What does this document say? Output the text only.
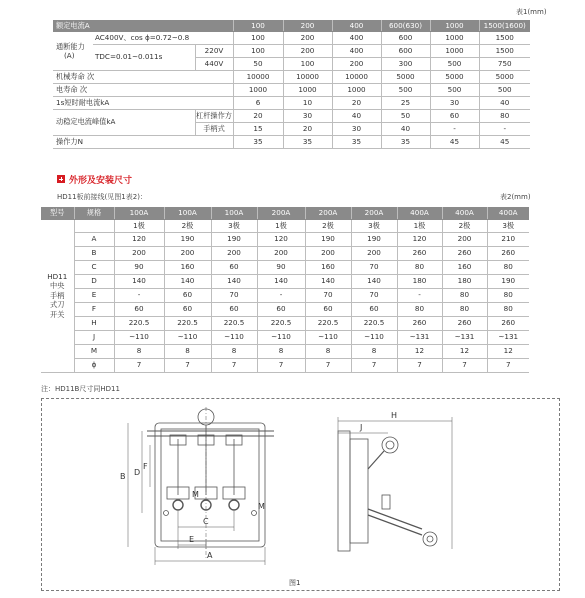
表1(mm)
额定电流A			100	200	400	600(630)	1000	1500(1600)

通断能力
(A)	AC400V、cos ϕ=0.72~0.8		100	200	400	600	1000	1500
	TDC=0.01~0.011s	220V	100	200	400	600	1000	1500
		440V	50	100	200	300	500	750
机械寿命 次			10000	10000	10000	5000	5000	5000
电寿命 次			1000	1000	1000	500	500	500
1s短时耐电流kA			6	10	20	25	30	40
动稳定电流峰值kA		杠杆操作方	20	30	40	50	60	80
		手柄式	15	20	30	40	-	-
操作力N			35	35	35	35	45	45
外形及安装尺寸
HD11板前接线(见图1表2)：	表2(mm)
型号	规格	100A	100A	100A	200A	200A	200A	400A	400A	400A

HD11
中央
手柄
式刀
开关		1极	2极	3极	1极	2极	3极	1极	2极	3极
	A	120	190	190	120	190	190	120	200	210
	B	200	200	200	200	200	200	260	260	260
	C	90	160	60	90	160	70	80	160	80
	D	140	140	140	140	140	140	180	180	190
	E	-	60	70	-	70	70	-	80	80
	F	60	60	60	60	60	60	80	80	80
	H	220.5	220.5	220.5	220.5	220.5	220.5	260	260	260
	J	~110	~110	~110	~110	~110	~110	~131	~131	~131
	M	8	8	8	8	8	8	12	12	12
	ϕ	7	7	7	7	7	7	7	7	7
注：HD11B尺寸同HD11
B D
F
C
E
A
M
M
H
J
图1
